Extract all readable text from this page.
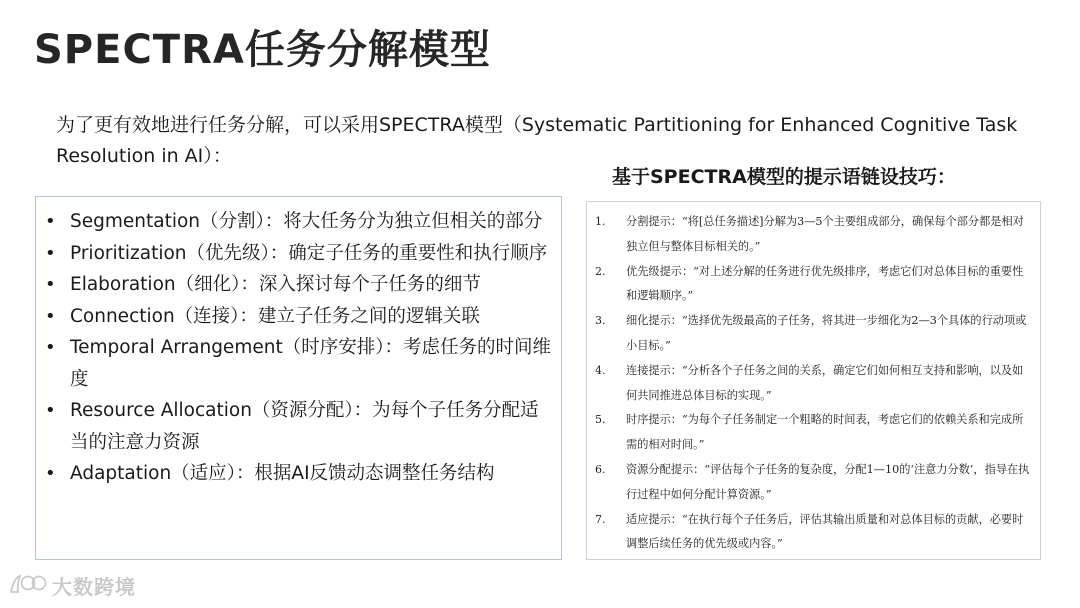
SPECTRA任务分解模型
为了更有效地进行任务分解，可以采用SPECTRA模型（Systematic Partitioning for Enhanced Cognitive Task Resolution in AI）：
• Segmentation（分割）：将大任务分为独立但相关的部分
• Prioritization（优先级）：确定子任务的重要性和执行顺序
• Elaboration（细化）：深入探讨每个子任务的细节
• Connection（连接）：建立子任务之间的逻辑关联
• Temporal Arrangement（时序安排）：考虑任务的时间维度
• Resource Allocation（资源分配）：为每个子任务分配适当的注意力资源
• Adaptation（适应）：根据AI反馈动态调整任务结构
基于SPECTRA模型的提示语链设技巧：
1. 分割提示：“将[总任务描述]分解为3—5个主要组成部分，确保每个部分都是相对独立但与整体目标相关的。”
2. 优先级提示：“对上述分解的任务进行优先级排序，考虑它们对总体目标的重要性和逻辑顺序。”
3. 细化提示：“选择优先级最高的子任务，将其进一步细化为2—3个具体的行动项或小目标。”
4. 连接提示：“分析各个子任务之间的关系，确定它们如何相互支持和影响，以及如何共同推进总体目标的实现。”
5. 时序提示：“为每个子任务制定一个粗略的时间表，考虑它们的依赖关系和完成所需的相对时间。”
6. 资源分配提示：“评估每个子任务的复杂度，分配1—10的‘注意力分数’，指导在执行过程中如何分配计算资源。”
7. 适应提示：“在执行每个子任务后，评估其输出质量和对总体目标的贡献，必要时调整后续任务的优先级或内容。”
大数跨境
